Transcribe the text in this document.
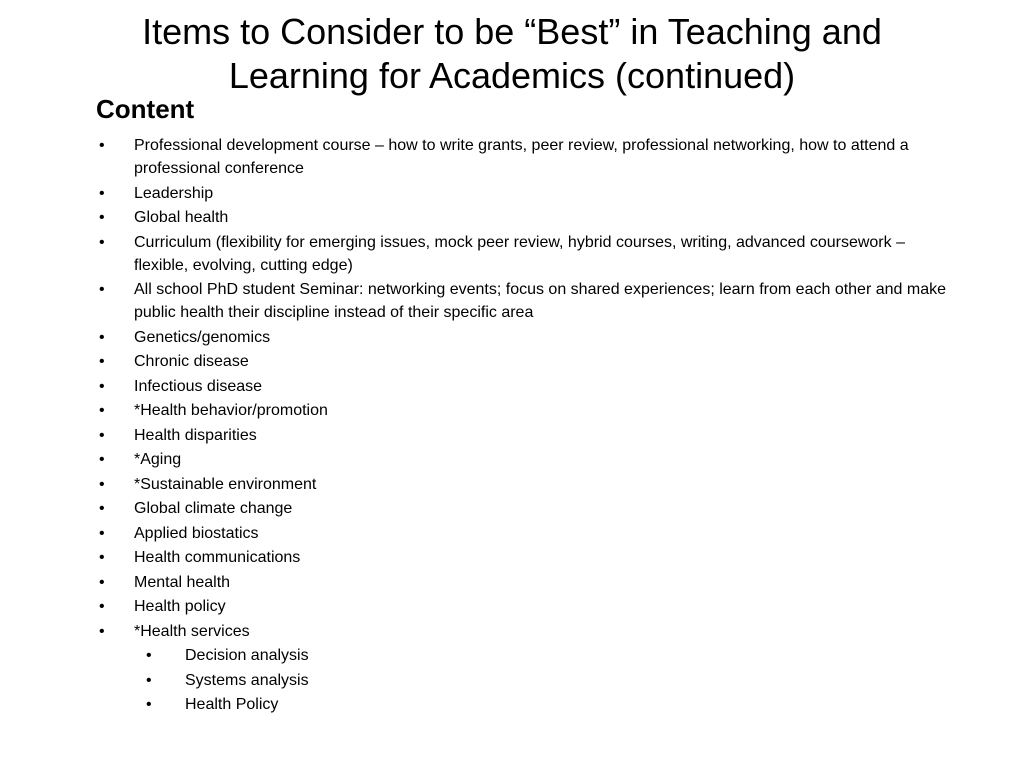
Items to Consider to be “Best” in Teaching and
Learning for Academics (continued)
Content
• Professional development course – how to write grants, peer review, professional networking, how to attend a professional conference
• Leadership
• Global health
• Curriculum (flexibility for emerging issues, mock peer review, hybrid courses, writing, advanced coursework – flexible, evolving, cutting edge)
• All school PhD student Seminar: networking events; focus on shared experiences; learn from each other and make public health their discipline instead of their specific area
• Genetics/genomics
• Chronic disease
• Infectious disease
• *Health behavior/promotion
• Health disparities
• *Aging
• *Sustainable environment
• Global climate change
• Applied biostatics
• Health communications
• Mental health
• Health policy
• *Health services
• Decision analysis
• Systems analysis
• Health Policy
